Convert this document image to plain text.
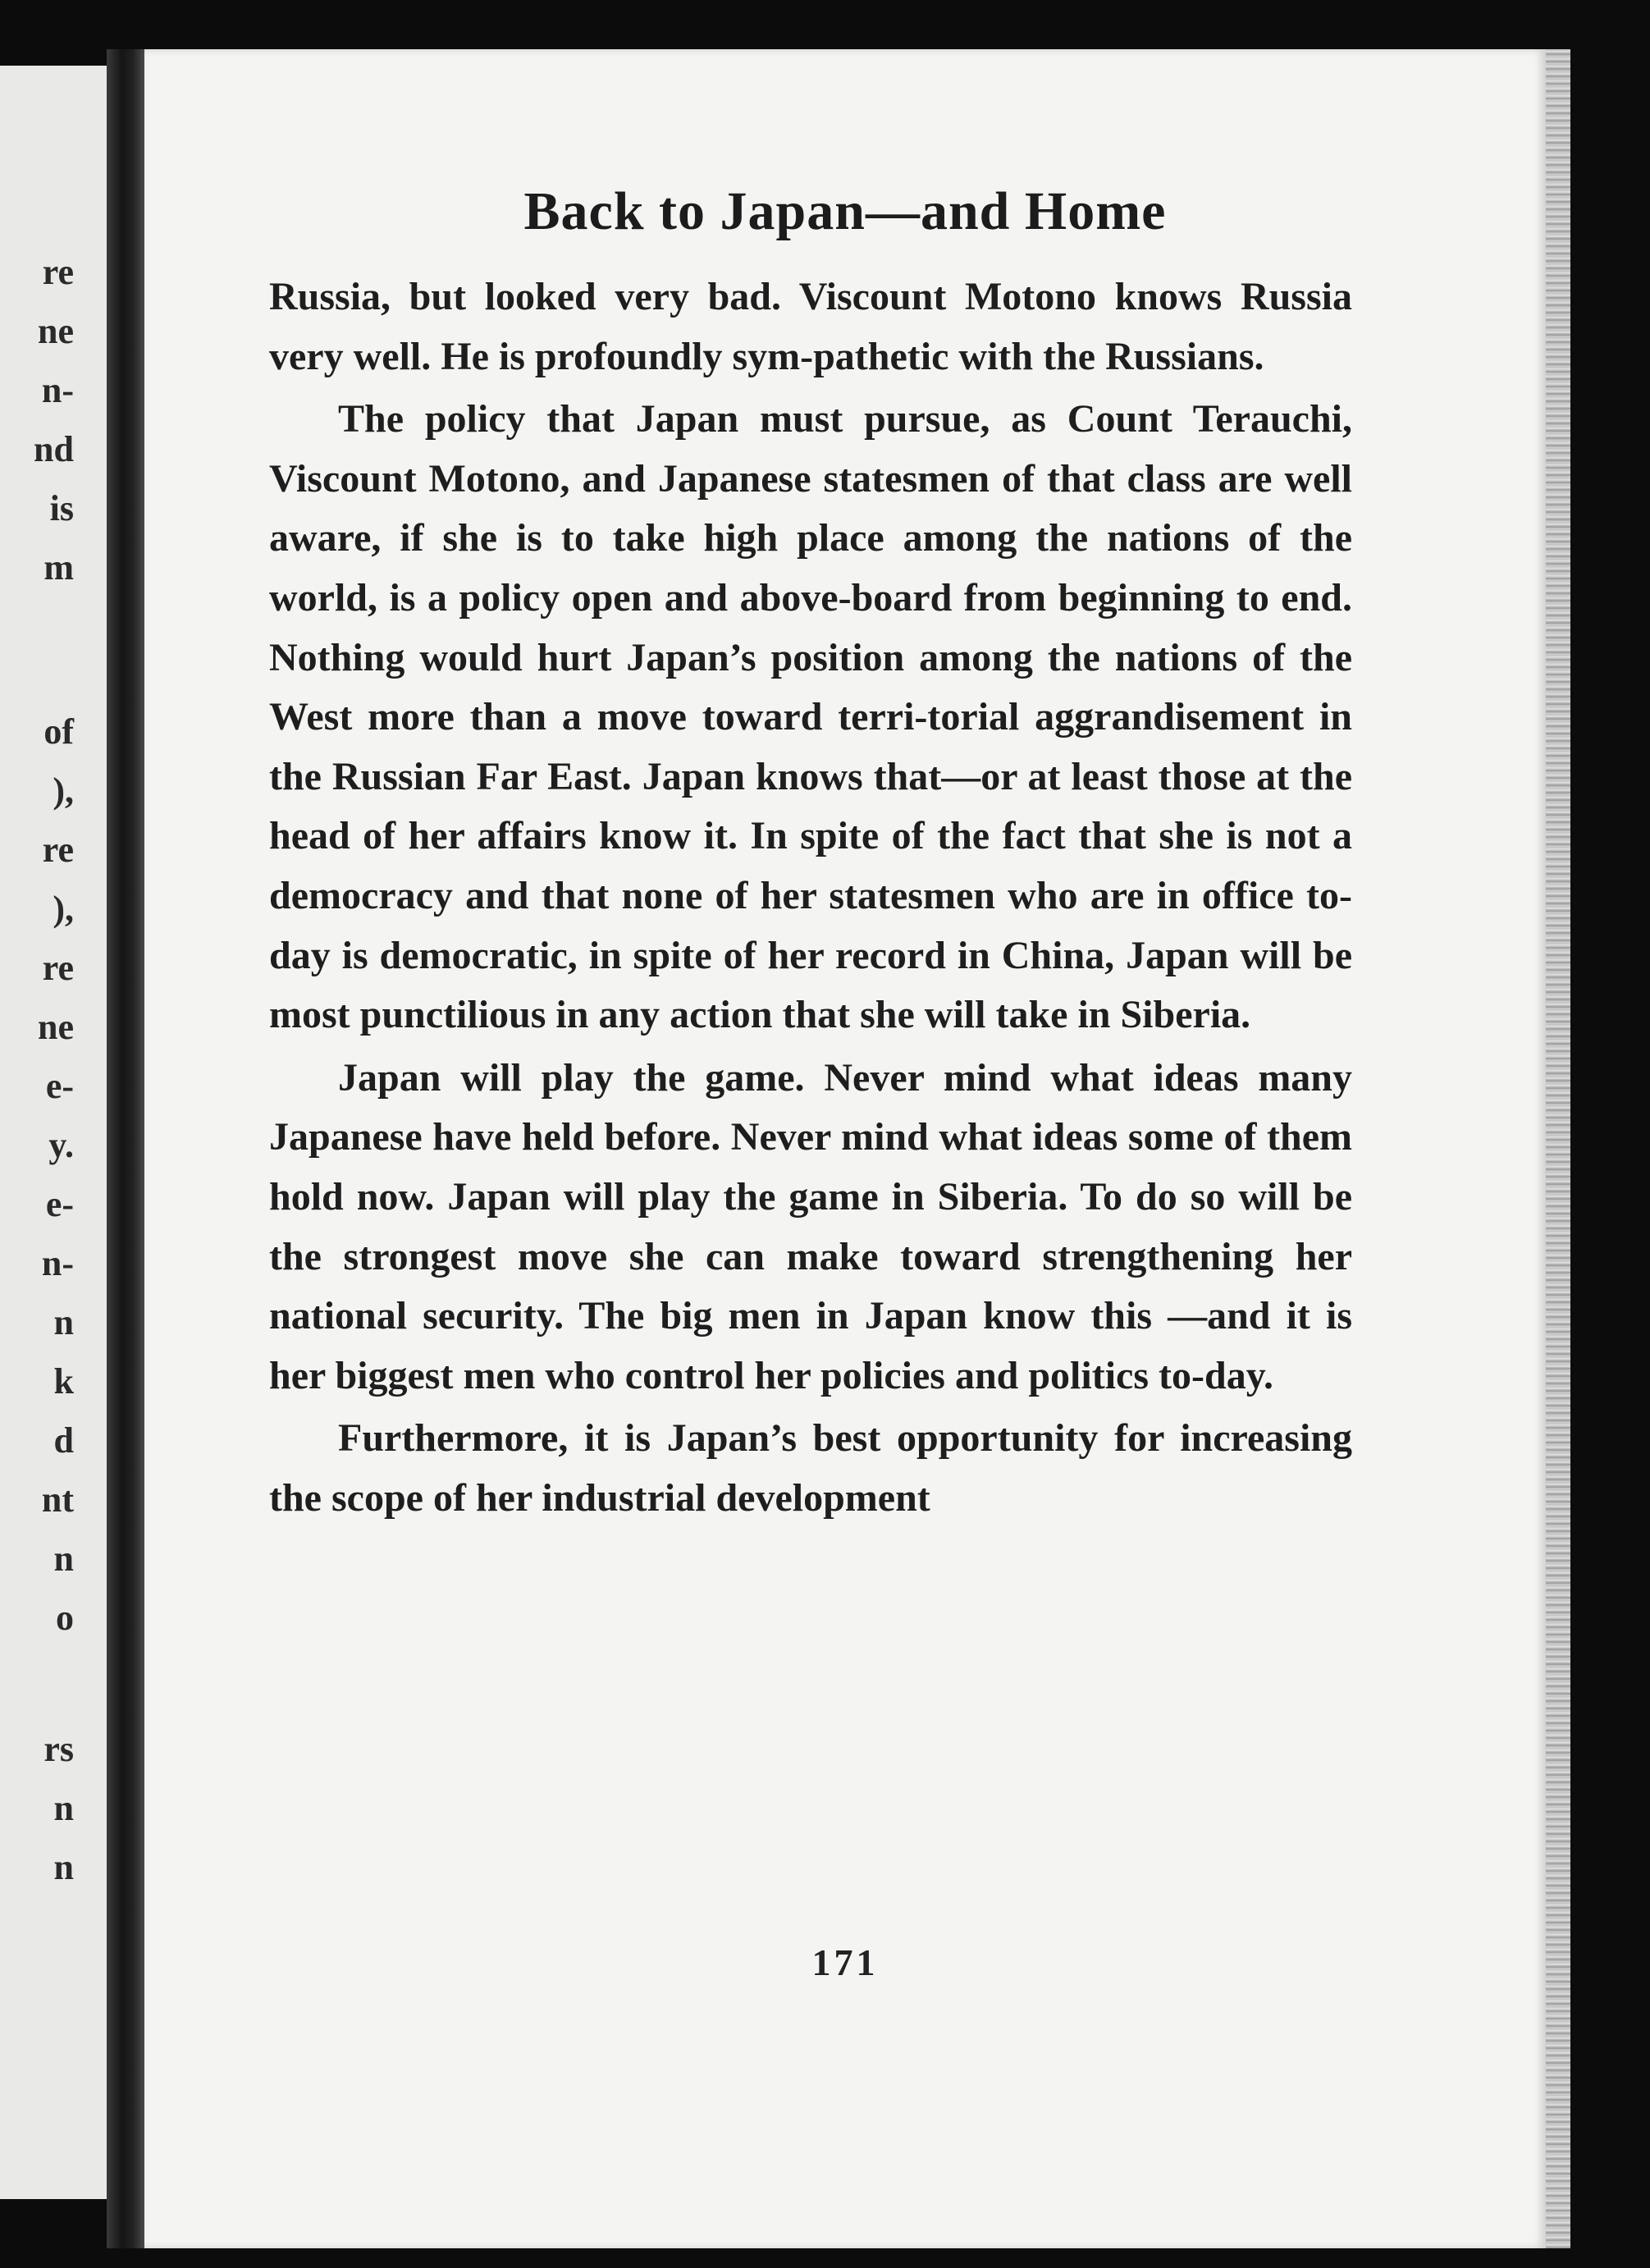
re
ne
n-
nd
is
m
of
),
re
),
re
ne
e-
y.
e-
n-
n
k
d
nt
n
o
rs
n
n
Back to Japan—and Home

Russia, but looked very bad. Viscount Motono knows Russia very well. He is profoundly sym-pathetic with the Russians.

The policy that Japan must pursue, as Count Terauchi, Viscount Motono, and Japanese statesmen of that class are well aware, if she is to take high place among the nations of the world, is a policy open and above-board from beginning to end. Nothing would hurt Japan’s position among the nations of the West more than a move toward terri-torial aggrandisement in the Russian Far East. Japan knows that—or at least those at the head of her affairs know it. In spite of the fact that she is not a democracy and that none of her statesmen who are in office to-day is democratic, in spite of her record in China, Japan will be most punctilious in any action that she will take in Siberia.

Japan will play the game. Never mind what ideas many Japanese have held before. Never mind what ideas some of them hold now. Japan will play the game in Siberia. To do so will be the strongest move she can make toward strengthening her national security. The big men in Japan know this —and it is her biggest men who control her policies and politics to-day.

Furthermore, it is Japan’s best opportunity for increasing the scope of her industrial development

171
